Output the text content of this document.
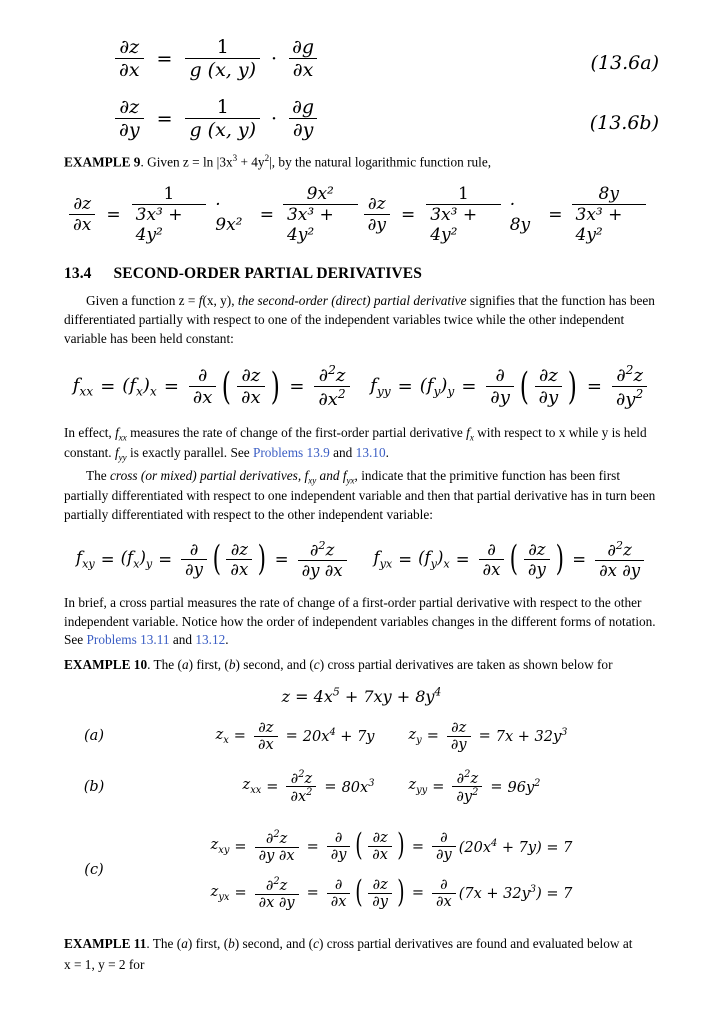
$\frac{\partial z}{\partial x} = \frac{1}{g (x, y)} \cdot \frac{\partial g}{\partial x}$	(13.6a)
$\frac{\partial z}{\partial y} = \frac{1}{g (x, y)} \cdot \frac{\partial g}{\partial y}$	(13.6b)

EXAMPLE 9. Given $z = \ln |3x^3 + 4y^2|$, by the natural logarithmic function rule,

$\frac{\partial z}{\partial x} = \frac{1}{\text{3x³ + 4y²}} \cdot 9x^2$	= $\frac{\text{9x²}}{\text{3x³ + 4y²}} \frac{\partial z}{\partial y} = \frac{1}{\text{3x³ + 4y²}} \cdot 8y$	= $\frac{8y}{\text{3x³ + 4y²}}$
13.4 SECOND-ORDER PARTIAL DERIVATIVES

Given a function z = f(x, y), the second-order (direct) partial derivative signifies that the function has been differentiated partially with respect to one of the independent variables twice while the other independent variable has been held constant:

$f_{xx} = (f_x)_x = \frac{\partial}{\partial x}$ ( $\frac{\partial z}{\partial x}$ ) = $\frac{\partial^2z}{\partial x^2} f_{yy} = (f_y)_y = \frac{\partial}{\partial y}$ ( $\frac{\partial z}{\partial y}$ ) = $\frac{\partial^2z}{\partial y^2}$

In effect, $f_{xx}$ measures the rate of change of the first-order partial derivative $f_x$ with respect to x while y is held constant. $f_{yy}$ is exactly parallel. See Problems 13.9 and 13.10.

The cross (or mixed) partial derivatives, $f_{xy}$ and $f_{yx}$, indicate that the primitive function has been first partially differentiated with respect to one independent variable and then that partial derivative has in turn been partially differentiated with respect to the other independent variable:

$f_{xy} = (f_x)_y = \frac{\partial}{\partial y}$ ( $\frac{\partial z}{\partial x}$ ) = $\frac{\partial^2z}{\partial y \partial x} f_{yx} = (f_y)_x = \frac{\partial}{\partial x}$ ( $\frac{\partial z}{\partial y}$ ) = $\frac{\partial^2z}{\partial x \partial y}$

In brief, a cross partial measures the rate of change of a first-order partial derivative with respect to the other independent variable. Notice how the order of independent variables changes in the different forms of notation. See Problems 13.11 and 13.12.

EXAMPLE 10. The (a) first, (b) second, and (c) cross partial derivatives are taken as shown below for

$z = 4x^5 + 7xy + 8y^4$
(a)	$z_x = \frac{\partial z}{\partial x} = 20x^4 + 7y$ $z_y = \frac{\partial z}{\partial y} = 7x + 32y^3$
(b)	$z_{xx} = \frac{\partial^2z}{\partial x^2} = 80x^3$ $z_{yy} = \frac{\partial^2z}{\partial y^2} = 96y^2$
(c)
$z_{xy} = \frac{\partial^2z}{\partial y \partial x} = \frac{\partial}{\partial y}$ ( $\frac{\partial z}{\partial x}$ ) = $\frac{\partial}{\partial y} (20x^4 + 7y) = 7$
$z_{yx} = \frac{\partial^2z}{\partial x \partial y} = \frac{\partial}{\partial x}$ ( $\frac{\partial z}{\partial y}$ ) = $\frac{\partial}{\partial x} (7x + 32y^3) = 7$

EXAMPLE 11. The (a) first, (b) second, and (c) cross partial derivatives are found and evaluated below at

x = 1, y = 2 for
